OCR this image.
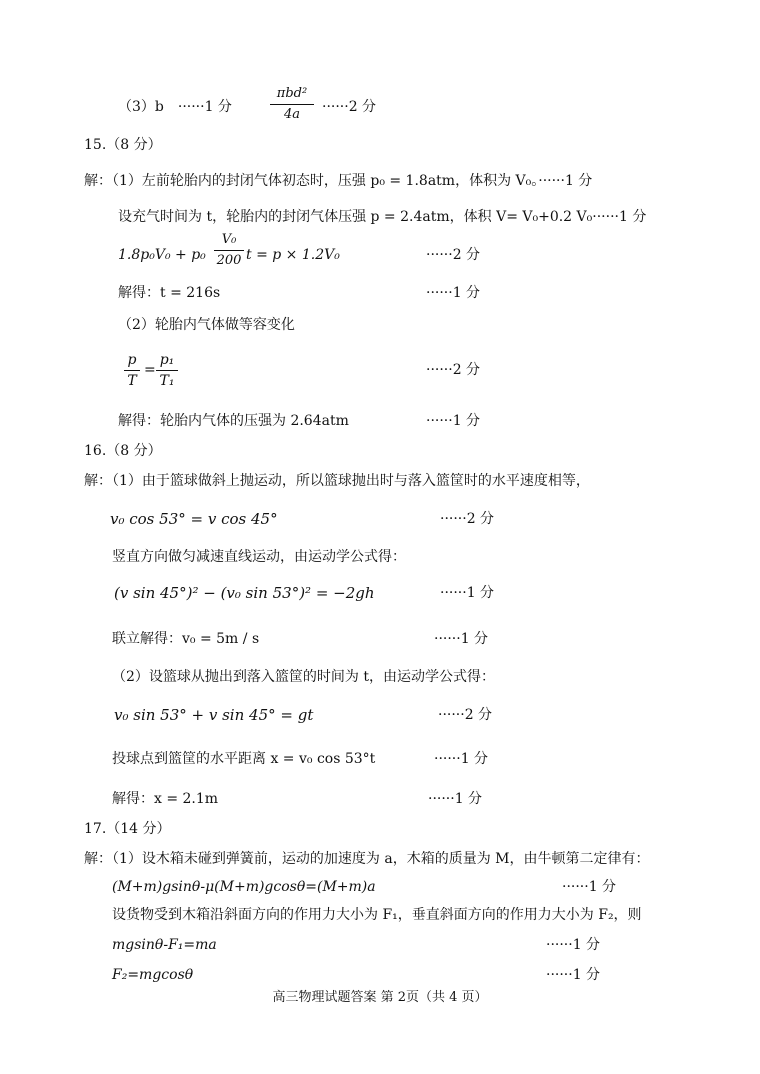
（3）b　······1 分
πbd²
4a	······2 分
15.（8 分）
解：（1）左前轮胎内的封闭气体初态时，压强 p₀ = 1.8atm，体积为 V₀。······1 分
设充气时间为 t，轮胎内的封闭气体压强 p = 2.4atm，体积 V= V₀+0.2 V₀······1 分
$1.8p_0V_0 + p_0 \frac{\text{V₀}}{200}$ t = p × 1.2V₀	······2 分
解得：t = 216s	······1 分
（2）轮胎内气体做等容变化
$\frac{p}{T} = \frac{\text{p₁}}{\text{T₁}}$	······2 分
解得：轮胎内气体的压强为 2.64atm	······1 分
16.（8 分）
解：（1）由于篮球做斜上抛运动，所以篮球抛出时与落入篮筐时的水平速度相等，
v₀ cos 53° = v cos 45°	······2 分
竖直方向做匀减速直线运动，由运动学公式得：
(v sin 45°)² − (v₀ sin 53°)² = −2gh	······1 分
联立解得：v₀ = 5m / s	······1 分
（2）设篮球从抛出到落入篮筐的时间为 t，由运动学公式得：
v₀ sin 53° + v sin 45° = gt	······2 分
投球点到篮筐的水平距离 x = v₀ cos 53°t	······1 分
解得：x = 2.1m	······1 分
17.（14 分）
解：（1）设木箱未碰到弹簧前，运动的加速度为 a，木箱的质量为 M，由牛顿第二定律有：
(M+m)gsinθ-μ(M+m)gcosθ=(M+m)a	······1 分
设货物受到木箱沿斜面方向的作用力大小为 F₁，垂直斜面方向的作用力大小为 F₂，则
mgsinθ-F₁=ma	······1 分
F₂=mgcosθ	······1 分
高三物理试题答案 第 2页（共 4 页）
